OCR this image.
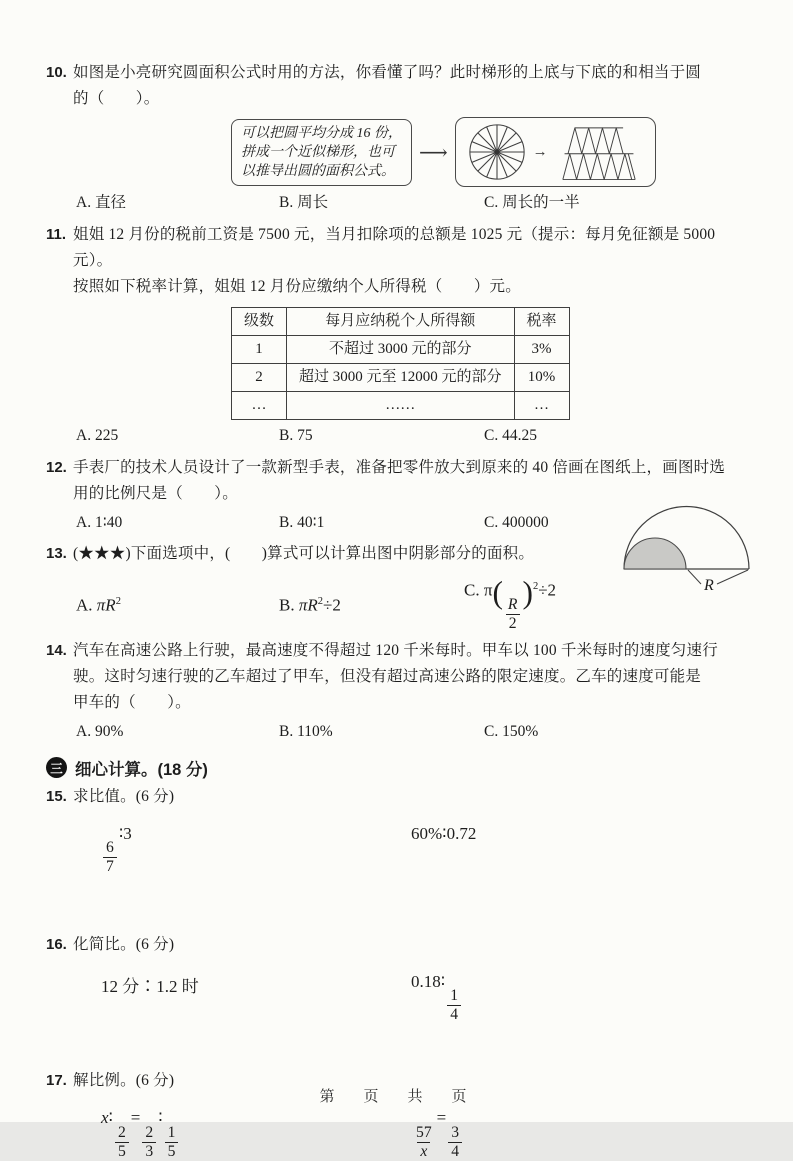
10. 如图是小亮研究圆面积公式时用的方法，你看懂了吗？此时梯形的上底与下底的和相当于圆
的（　　）。
可以把圆平均分成 16 份，
拼成一个近似梯形，也可
以推导出圆的面积公式。
⟶	→
A. 直径	B. 周长	C. 周长的一半
11. 姐姐 12 月份的税前工资是 7500 元，当月扣除项的总额是 1025 元（提示：每月免征额是 5000 元）。
按照如下税率计算，姐姐 12 月份应缴纳个人所得税（　　）元。
级数	每月应纳税个人所得额	税率
1	不超过 3000 元的部分	3%
2	超过 3000 元至 12000 元的部分	10%
…	……	…
A. 225	B. 75	C. 44.25
12. 手表厂的技术人员设计了一款新型手表，准备把零件放大到原来的 40 倍画在图纸上，画图时选
用的比例尺是（　　）。
A. 1∶40	B. 40∶1	C. 400000
13. (★★★)下面选项中，(　　)算式可以计算出图中阴影部分的面积。
R
A. $\pi R^2$	B. $\pi R^2\div 2$
C. π(
$\frac{R}{2}$
)$^2$÷2
14. 汽车在高速公路上行驶，最高速度不得超过 120 千米每时。甲车以 100 千米每时的速度匀速行
驶。这时匀速行驶的乙车超过了甲车，但没有超过高速公路的限定速度。乙车的速度可能是
甲车的（　　）。
A. 90%	B. 110%	C. 150%
三 细心计算。(18 分)
15. 求比值。(6 分)
$\frac{6}{7}$
∶3	60%∶0.72
16. 化简比。(6 分)
12 分∶1.2 时	0.18∶
$\frac{1}{4}$
17. 解比例。(6 分)
x∶
$\frac{2}{5}$
=
$\frac{2}{3}$
∶
$\frac{1}{5}$	$\frac{57}{x}$
=
$\frac{3}{4}$
第　页　共　页
